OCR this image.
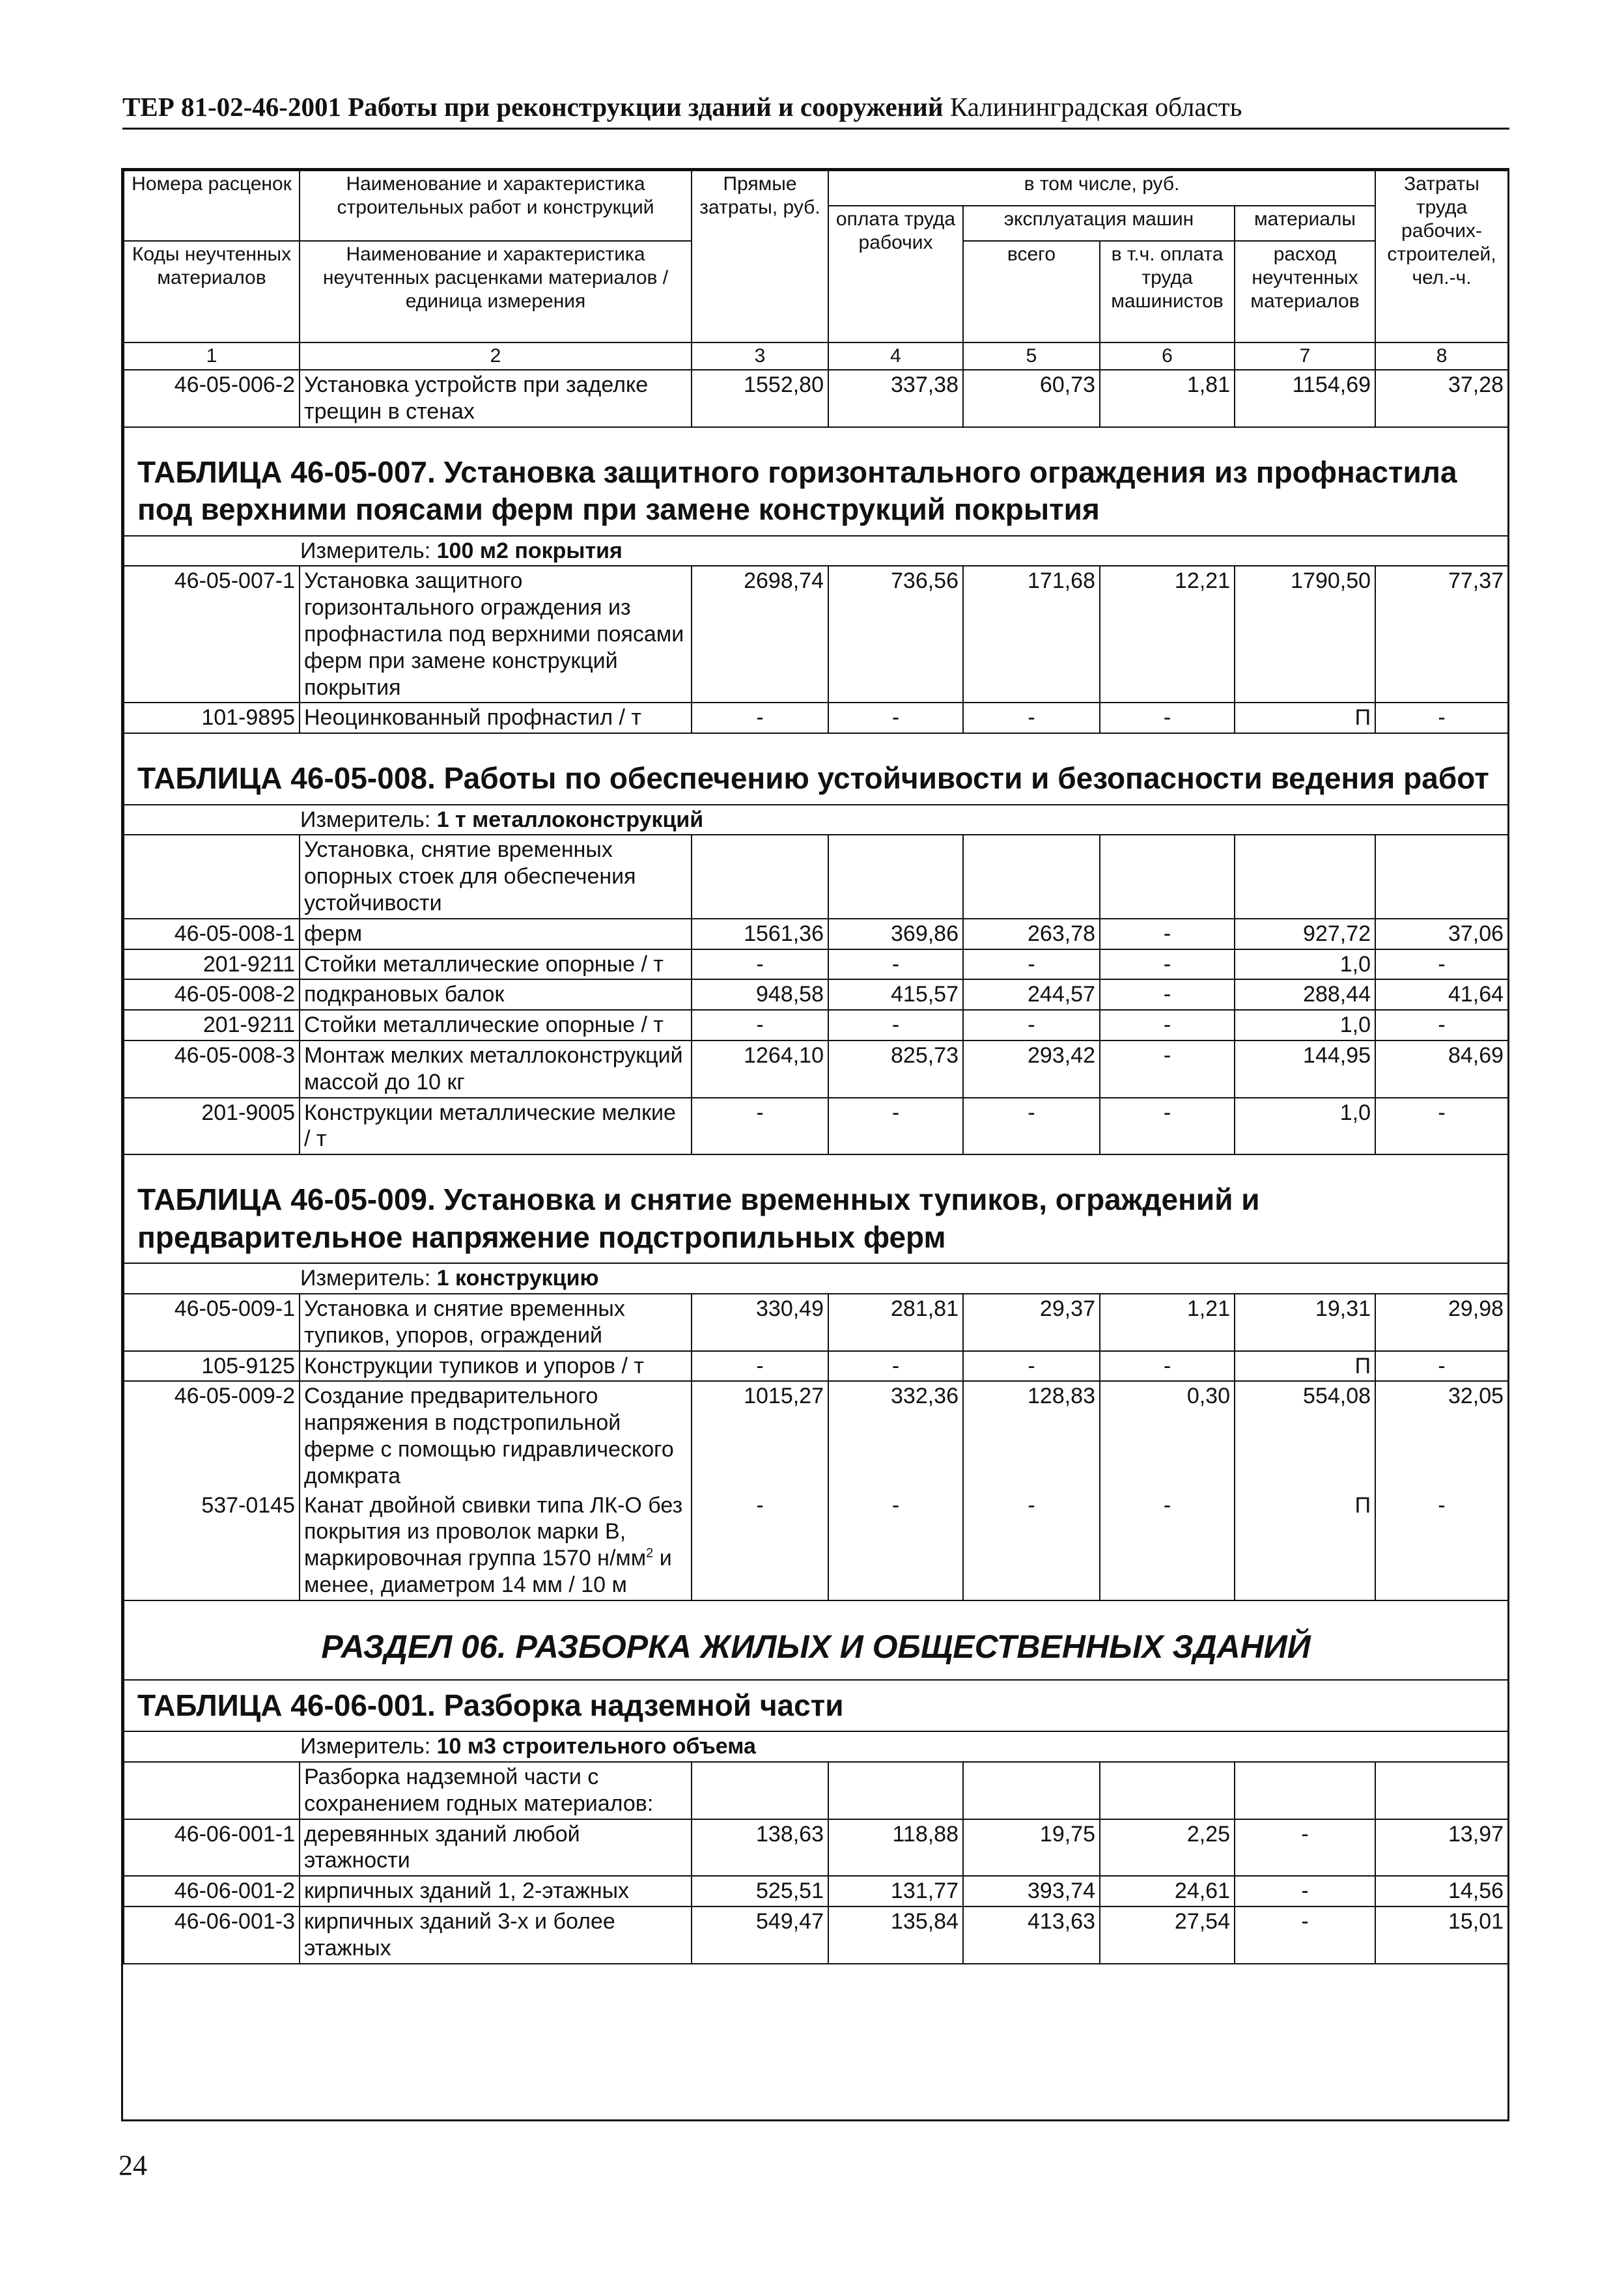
ТЕР 81-02-46-2001 Работы при реконструкции зданий и сооружений Калининградская область
Номера расценок	Наименование и характеристика строительных работ и конструкций	Прямые затраты, руб.	в том числе, руб.				Затраты труда рабочих-строителей, чел.-ч.
			оплата труда рабочих	эксплуатация машин		материалы	
Коды неучтенных материалов	Наименование и характеристика неучтенных расценками материалов / единица измерения			всего	в т.ч. оплата труда машинистов	расход неучтенных материалов	

1	2	3	4	5	6	7	8
46-05-006-2	Установка устройств при заделке трещин в стенах	1552,80	337,38	60,73	1,81	1154,69	37,28
ТАБЛИЦА 46-05-007. Установка защитного горизонтального ограждения из профнастила под верхними поясами ферм при замене конструкций покрытия							
Измеритель: 100 м2 покрытия							
46-05-007-1	Установка защитного горизонтального ограждения из профнастила под верхними поясами ферм при замене конструкций покрытия	2698,74	736,56	171,68	12,21	1790,50	77,37
101-9895	Неоцинкованный профнастил / т	-	-	-	-	П	-
ТАБЛИЦА 46-05-008. Работы по обеспечению устойчивости и безопасности ведения работ							
Измеритель: 1 т металлоконструкций							
	Установка, снятие временных опорных стоек для обеспечения устойчивости						
46-05-008-1	ферм	1561,36	369,86	263,78	-	927,72	37,06
201-9211	Стойки металлические опорные / т	-	-	-	-	1,0	-
46-05-008-2	подкрановых балок	948,58	415,57	244,57	-	288,44	41,64
201-9211	Стойки металлические опорные / т	-	-	-	-	1,0	-
46-05-008-3	Монтаж мелких металлоконструкций массой до 10 кг	1264,10	825,73	293,42	-	144,95	84,69
201-9005	Конструкции металлические мелкие / т	-	-	-	-	1,0	-
ТАБЛИЦА 46-05-009. Установка и снятие временных тупиков, ограждений и предварительное напряжение подстропильных ферм							
Измеритель: 1 конструкцию							
46-05-009-1	Установка и снятие временных тупиков, упоров, ограждений	330,49	281,81	29,37	1,21	19,31	29,98
105-9125	Конструкции тупиков и упоров / т	-	-	-	-	П	-
46-05-009-2	Создание предварительного напряжения в подстропильной ферме с помощью гидравлического домкрата	1015,27	332,36	128,83	0,30	554,08	32,05
537-0145	Канат двойной свивки типа ЛК-О без покрытия из проволок марки В, маркировочная группа 1570 $н/мм^2$ и менее, диаметром 14 мм / 10 м	-	-	-	-	П	-
РАЗДЕЛ 06. РАЗБОРКА ЖИЛЫХ И ОБЩЕСТВЕННЫХ ЗДАНИЙ							
ТАБЛИЦА 46-06-001. Разборка надземной части							
Измеритель: 10 м3 строительного объема							
	Разборка надземной части с сохранением годных материалов:						
46-06-001-1	деревянных зданий любой этажности	138,63	118,88	19,75	2,25	-	13,97
46-06-001-2	кирпичных зданий 1, 2-этажных	525,51	131,77	393,74	24,61	-	14,56
46-06-001-3	кирпичных зданий 3-х и более этажных	549,47	135,84	413,63	27,54	-	15,01
24
